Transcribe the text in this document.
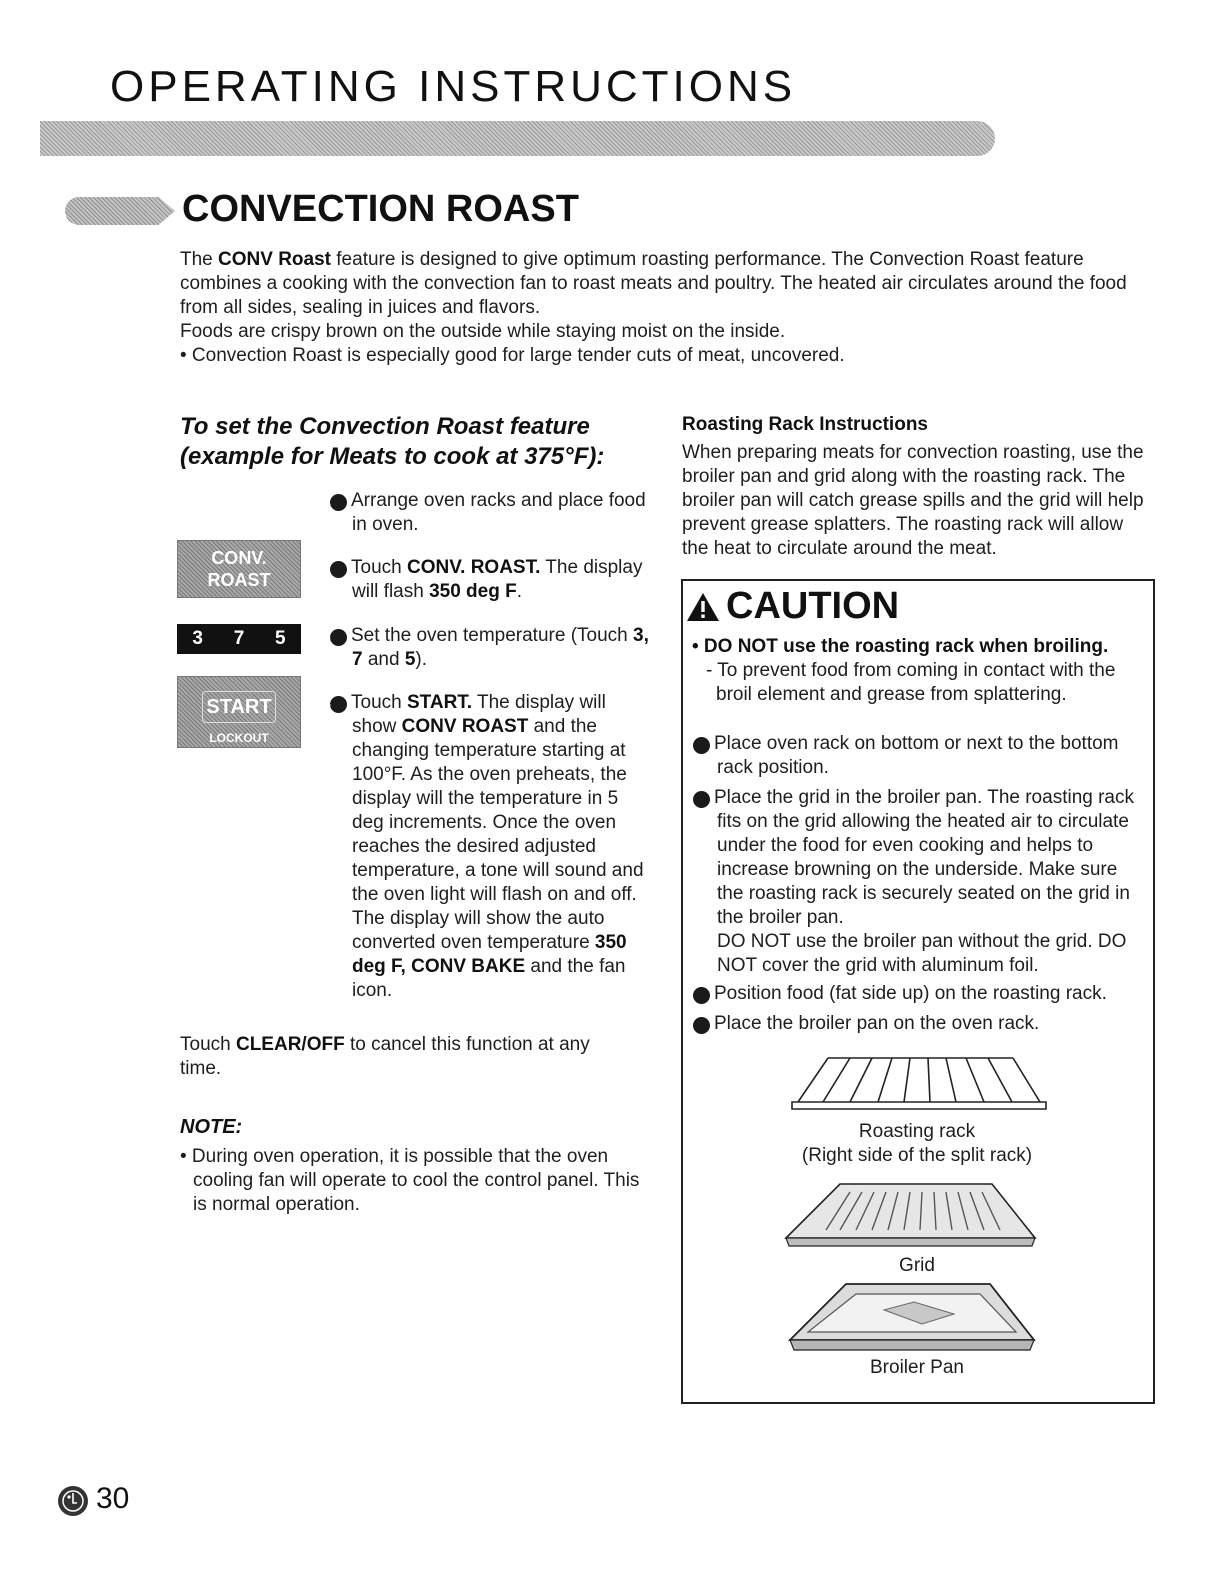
OPERATING INSTRUCTIONS
CONVECTION ROAST

The CONV Roast feature is designed to give optimum roasting performance. The Convection Roast feature combines a cooking with the convection fan to roast meats and poultry. The heated air circulates around the food from all sides, sealing in juices and flavors.

Foods are crispy brown on the outside while staying moist on the inside.

• Convection Roast is especially good for large tender cuts of meat, uncovered.

To set the Convection Roast feature
(example for Meats to cook at 375°F):
CONV.
ROAST
3 7 5
START
LOCKOUT
1 Arrange oven racks and place food in oven.
2 Touch CONV. ROAST. The display will flash 350 deg F.
3 Set the oven temperature (Touch 3, 7 and 5).
4 Touch START. The display will show CONV ROAST and the changing temperature starting at 100°F. As the oven preheats, the display will the temperature in 5 deg increments. Once the oven reaches the desired adjusted temperature, a tone will sound and the oven light will flash on and off. The display will show the auto converted oven temperature 350 deg F, CONV BAKE and the fan icon.
Touch CLEAR/OFF to cancel this function at any time.
NOTE:
• During oven operation, it is possible that the oven cooling fan will operate to cool the control panel. This is normal operation.
Roasting Rack Instructions
When preparing meats for convection roasting, use the broiler pan and grid along with the roasting rack. The broiler pan will catch grease spills and the grid will help prevent grease splatters. The roasting rack will allow the heat to circulate around the meat.
CAUTION
• DO NOT use the roasting rack when broiling.
- To prevent food from coming in contact with the broil element and grease from splattering.
1 Place oven rack on bottom or next to the bottom rack position.
2 Place the grid in the broiler pan. The roasting rack fits on the grid allowing the heated air to circulate under the food for even cooking and helps to increase browning on the underside. Make sure the roasting rack is securely seated on the grid in the broiler pan.
DO NOT use the broiler pan without the grid. DO NOT cover the grid with aluminum foil.
3 Position food (fat side up) on the roasting rack.
4 Place the broiler pan on the oven rack.
Roasting rack
(Right side of the split rack)
Grid
Broiler Pan
30
